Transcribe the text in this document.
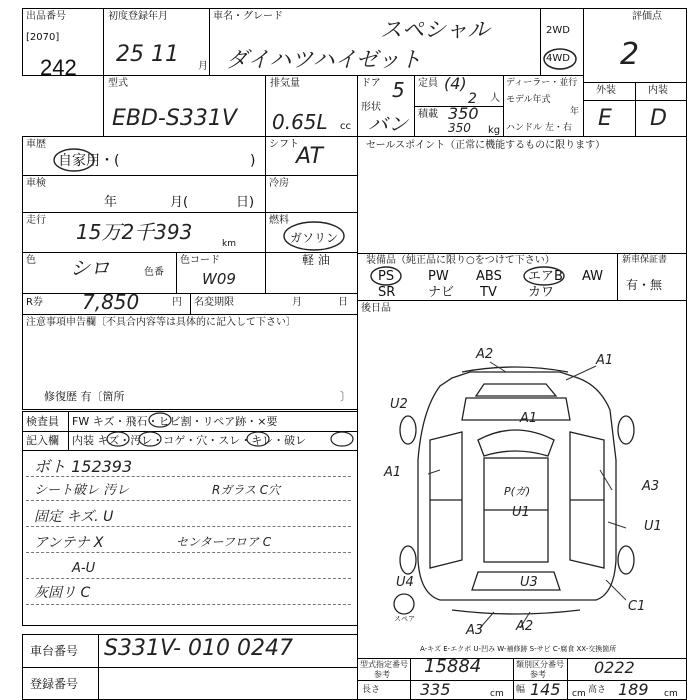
出品番号
[2070]
242
初度登録年月
25 11 月
車名・グレード
スペシャル
ダイハツハイゼット
2WD
4WD
評価点
2
外装	内装
E D
型式
EBD-S331V
排気量
0.65L cc
ドア 5
形状
バン
定員 (4)
2 人
積載 350
350 kg
ディーラー・並行
モデル年式
年
ハンドル 左・右
車歴
自家用・(	)
車検
年	月(	日)
走行 15万2千393	km
色 シロ	色番
色コード
W09
R券 7,850	円 名変期限	月	日
注意事項申告欄〔不具合内容等は具体的に記入して下さい〕
修復歴 有〔箇所	〕
シフト
AT
冷房
燃料
ガソリン
軽 油
セールスポイント（正常に機能するものに限ります）
装備品（純正品に限り○をつけて下さい）	新車保証書
有・無
PS	PW ABS エアB AW
SR	ナビ TV カワ
後日品
検査員 FW キズ・飛石・ヒビ割・リペア跡・×要
記入欄 内装 キズ・汚レ・コゲ・穴・スレ・キレ・破レ
ボト 152393
シート破レ 汚レ
固定 キズ. U
アンテナ X
A-U
灰固リ C
Rガラス C穴
センターフロア C
A2	A1
U2
A1
A1
P(ガ)
U1
A3
U1
U4	U3
C1
A3	A2
スペア
A-キズ E-エクボ U-凹み W-補修跡 S-サビ C-腐食 XX-交換箇所
車台番号 S331V- 010 0247
登録番号
型式指定番号
参考 15884	類別区分番号
参考	0222
長さ 335	cm 幅 145 cm 高さ 189 cm
